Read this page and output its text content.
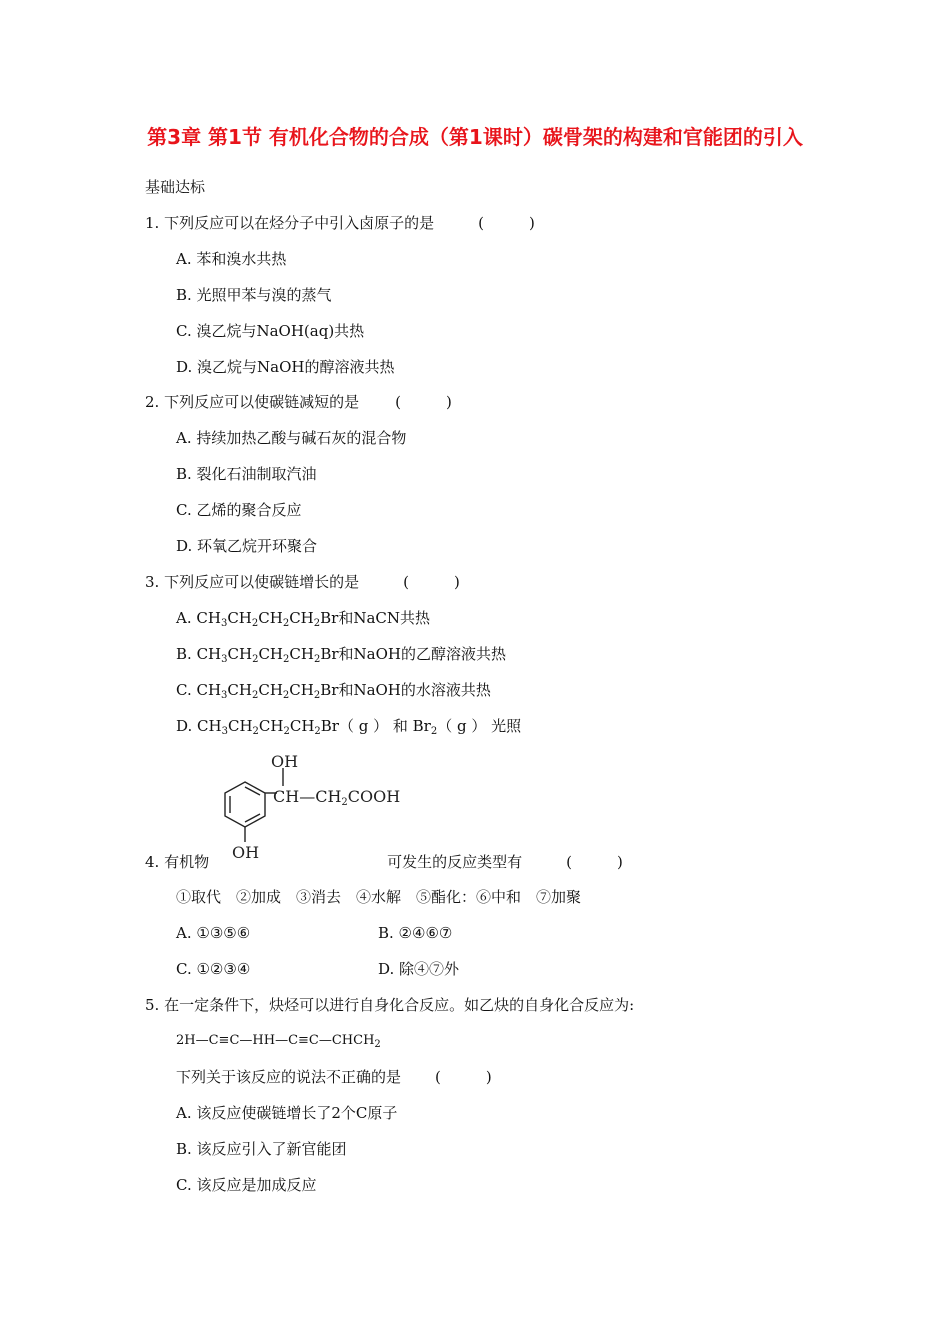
第3章 第1节 有机化合物的合成（第1课时）碳骨架的构建和官能团的引入
基础达标
1. 下列反应可以在烃分子中引入卤原子的是	(　　　)
A. 苯和溴水共热
B. 光照甲苯与溴的蒸气
C. 溴乙烷与NaOH(aq)共热
D. 溴乙烷与NaOH的醇溶液共热
2. 下列反应可以使碳链减短的是 (　　　)
A. 持续加热乙酸与碱石灰的混合物
B. 裂化石油制取汽油
C. 乙烯的聚合反应
D. 环氧乙烷开环聚合
3. 下列反应可以使碳链增长的是	(　　　)
A. $CH_3CH_2CH_2CH_2Br$和NaCN共热
B. $CH_3CH_2CH_2CH_2Br$和NaOH的乙醇溶液共热
C. $CH_3CH_2CH_2CH_2Br$和NaOH的水溶液共热
D. $CH_3CH_2CH_2CH_2Br$（ g ） 和 $Br_2$（ g ） 光照
OH
CH—CH2COOH
OH
4. 有机物	可发生的反应类型有	(　　　)
①取代　②加成　③消去　④水解　⑤酯化：⑥中和　⑦加聚
A. ①③⑤⑥	B. ②④⑥⑦
C. ①②③④	D. 除④⑦外
5. 在一定条件下，炔烃可以进行自身化合反应。如乙炔的自身化合反应为:
$2H—C\equiv C—HH—C\equiv C—CHCH_2$
下列关于该反应的说法不正确的是 (　　　)
A. 该反应使碳链增长了2个C原子
B. 该反应引入了新官能团
C. 该反应是加成反应
